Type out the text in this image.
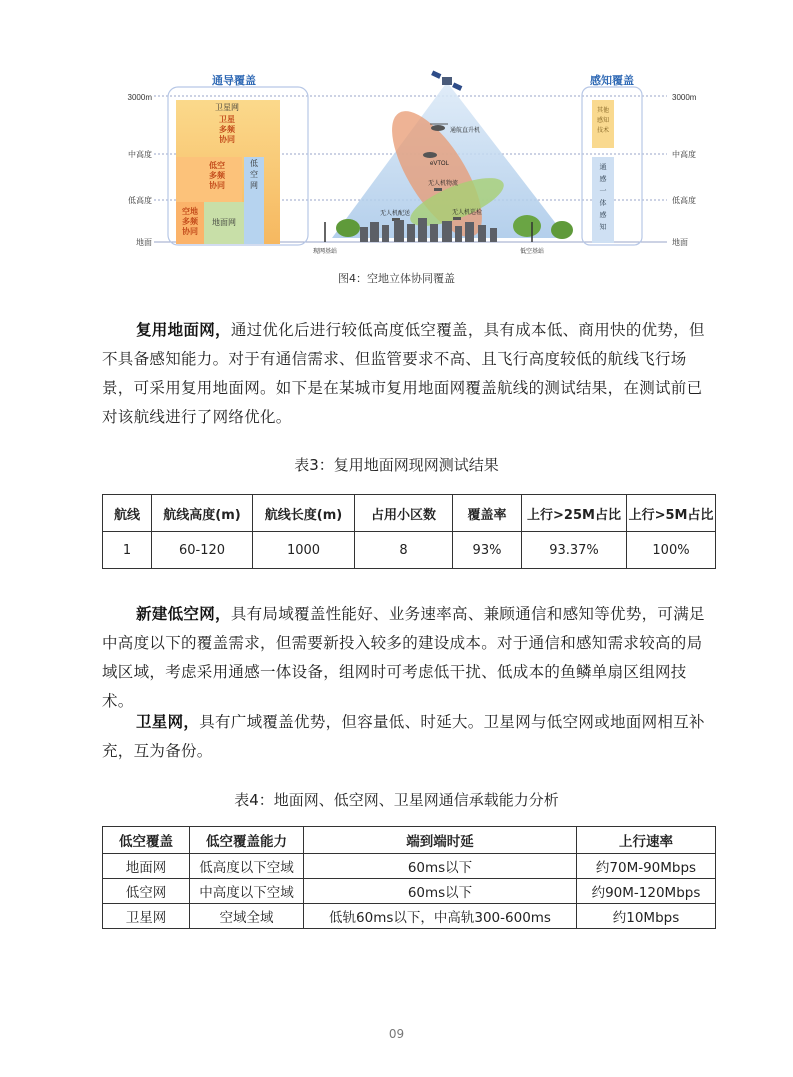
通导覆盖	感知覆盖
3000m
中高度
低高度
地面
3000m
中高度
低高度
地面
卫星网
卫星
多频
协同
低空
多频
协同
空地
多频
协同
低
空
网
地面网
其他
感知
技术
通
感
一
体
感
知
通航直升机
eVTOL
无人机物流
无人机配送	无人机巡检
现网基站	低空基站
图4：空地立体协同覆盖

复用地面网，通过优化后进行较低高度低空覆盖，具有成本低、商用快的优势，但不具备感知能力。对于有通信需求、但监管要求不高、且飞行高度较低的航线飞行场景，可采用复用地面网。如下是在某城市复用地面网覆盖航线的测试结果，在测试前已对该航线进行了网络优化。

表3：复用地面网现网测试结果
航线	航线高度(m)	航线长度(m)	占用小区数	覆盖率	上行>25M占比	上行>5M占比
1	60-120	1000	8	93%	93.37%	100%

新建低空网，具有局域覆盖性能好、业务速率高、兼顾通信和感知等优势，可满足中高度以下的覆盖需求，但需要新投入较多的建设成本。对于通信和感知需求较高的局域区域，考虑采用通感一体设备，组网时可考虑低干扰、低成本的鱼鳞单扇区组网技术。

卫星网，具有广域覆盖优势，但容量低、时延大。卫星网与低空网或地面网相互补充，互为备份。

表4：地面网、低空网、卫星网通信承载能力分析
低空覆盖	低空覆盖能力	端到端时延	上行速率
地面网	低高度以下空域	60ms以下	约70M-90Mbps
低空网	中高度以下空域	60ms以下	约90M-120Mbps
卫星网	空域全域	低轨60ms以下，中高轨300-600ms	约10Mbps
09
